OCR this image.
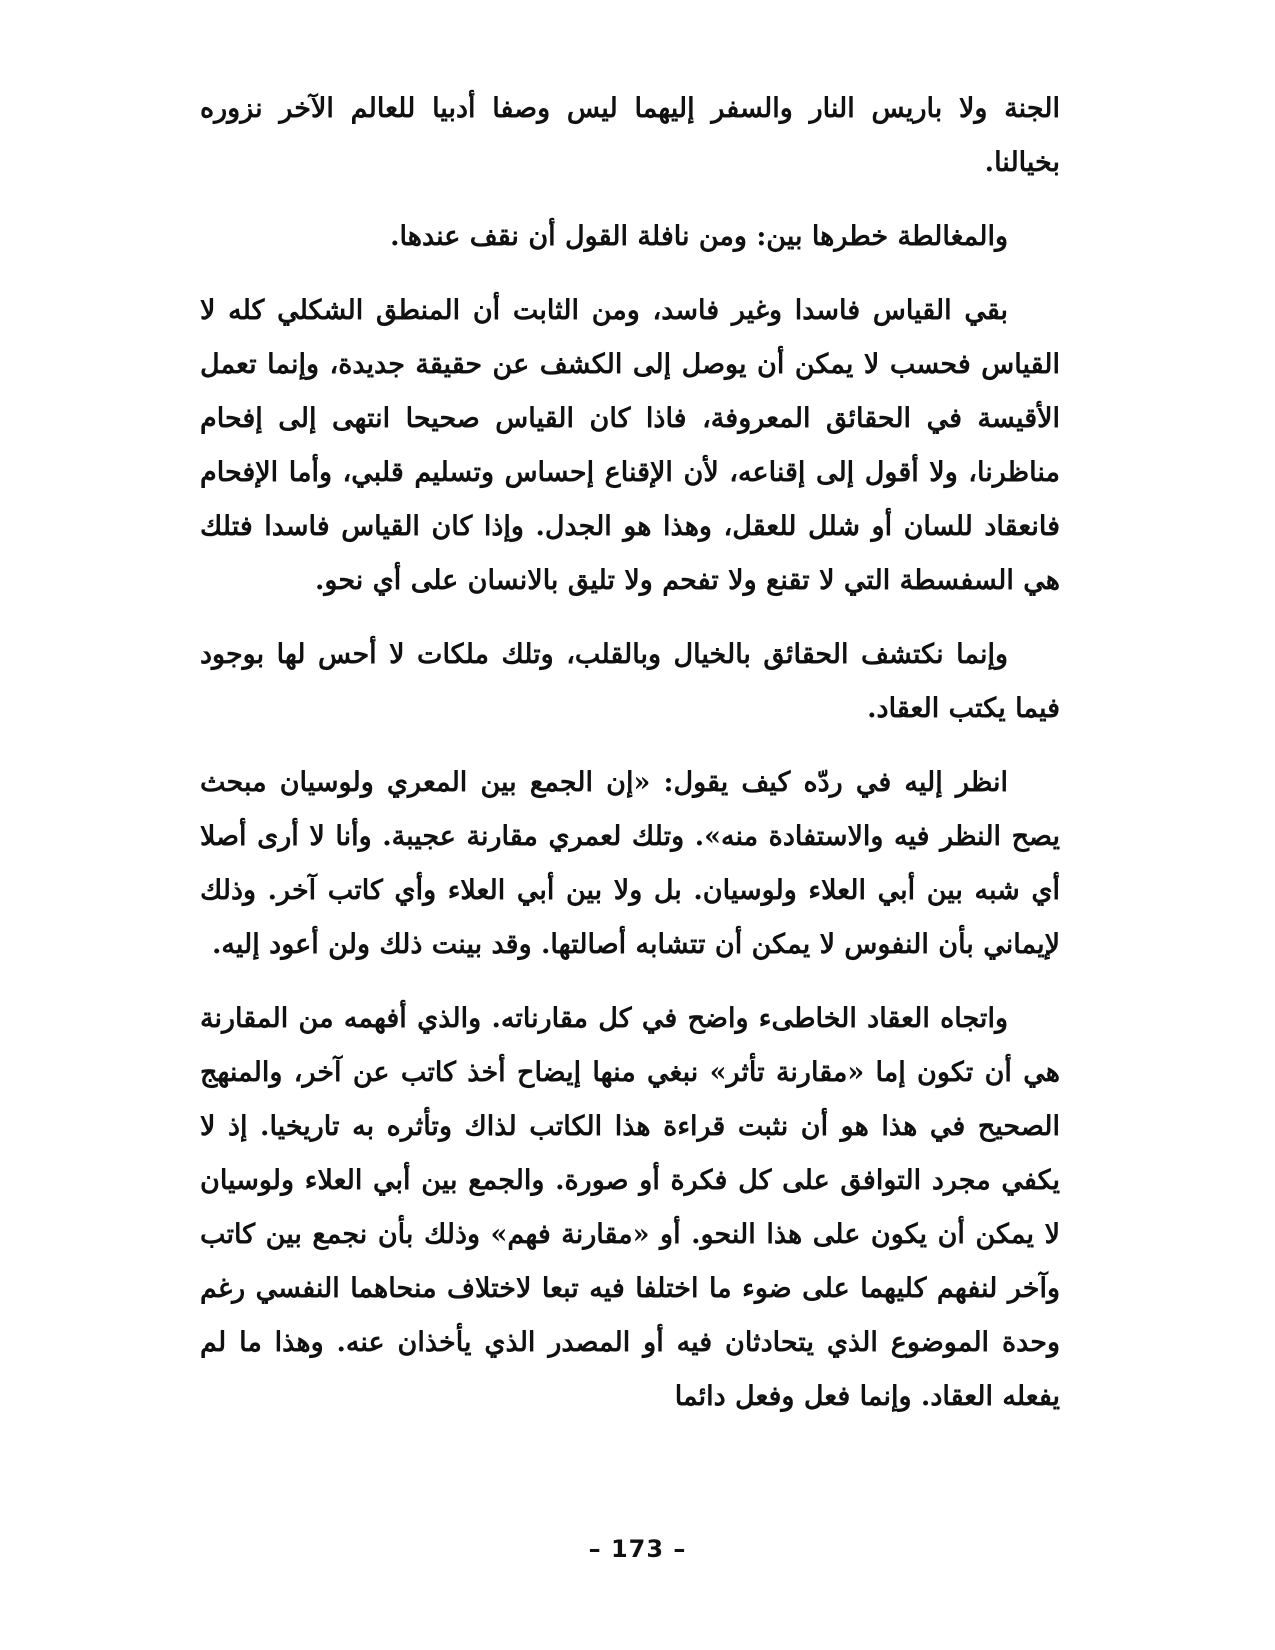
الجنة ولا باريس النار والسفر إليهما ليس وصفا أدبيا للعالم الآخر نزوره بخيالنا.

والمغالطة خطرها بين: ومن نافلة القول أن نقف عندها.

بقي القياس فاسدا وغير فاسد، ومن الثابت أن المنطق الشكلي كله لا القياس فحسب لا يمكن أن يوصل إلى الكشف عن حقيقة جديدة، وإنما تعمل الأقيسة في الحقائق المعروفة، فاذا كان القياس صحيحا انتهى إلى إفحام مناظرنا، ولا أقول إلى إقناعه، لأن الإقناع إحساس وتسليم قلبي، وأما الإفحام فانعقاد للسان أو شلل للعقل، وهذا هو الجدل. وإذا كان القياس فاسدا فتلك هي السفسطة التي لا تقنع ولا تفحم ولا تليق بالانسان على أي نحو.

وإنما نكتشف الحقائق بالخيال وبالقلب، وتلك ملكات لا أحس لها بوجود فيما يكتب العقاد.

انظر إليه في ردّه كيف يقول: «إن الجمع بين المعري ولوسيان مبحث يصح النظر فيه والاستفادة منه». وتلك لعمري مقارنة عجيبة. وأنا لا أرى أصلا أي شبه بين أبي العلاء ولوسيان. بل ولا بين أبي العلاء وأي كاتب آخر. وذلك لإيماني بأن النفوس لا يمكن أن تتشابه أصالتها. وقد بينت ذلك ولن أعود إليه.

واتجاه العقاد الخاطىء واضح في كل مقارناته. والذي أفهمه من المقارنة هي أن تكون إما «مقارنة تأثر» نبغي منها إيضاح أخذ كاتب عن آخر، والمنهج الصحيح في هذا هو أن نثبت قراءة هذا الكاتب لذاك وتأثره به تاريخيا. إذ لا يكفي مجرد التوافق على كل فكرة أو صورة. والجمع بين أبي العلاء ولوسيان لا يمكن أن يكون على هذا النحو. أو «مقارنة فهم» وذلك بأن نجمع بين كاتب وآخر لنفهم كليهما على ضوء ما اختلفا فيه تبعا لاختلاف منحاهما النفسي رغم وحدة الموضوع الذي يتحادثان فيه أو المصدر الذي يأخذان عنه. وهذا ما لم يفعله العقاد. وإنما فعل وفعل دائما

– 173 –
